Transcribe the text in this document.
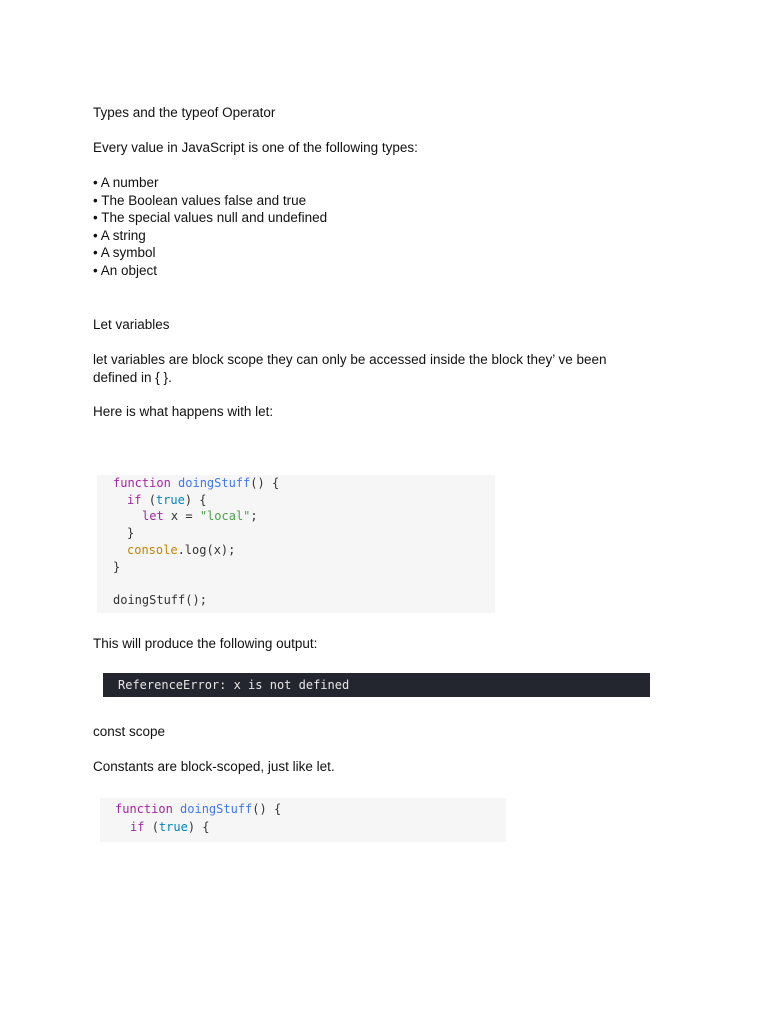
Types and the typeof Operator

Every value in JavaScript is one of the following types:

• A number

• The Boolean values false and true

• The special values null and undefined

• A string

• A symbol

• An object

Let variables

let variables are block scope they can only be accessed inside the block they’ ve been defined in { }.

Here is what happens with let:

function doingStuff() {
if (true) {
let x = "local";
}
console.log(x);
}
doingStuff();

This will produce the following output:

ReferenceError: x is not defined

const scope

Constants are block-scoped, just like let.

function doingStuff() {
if (true) {
